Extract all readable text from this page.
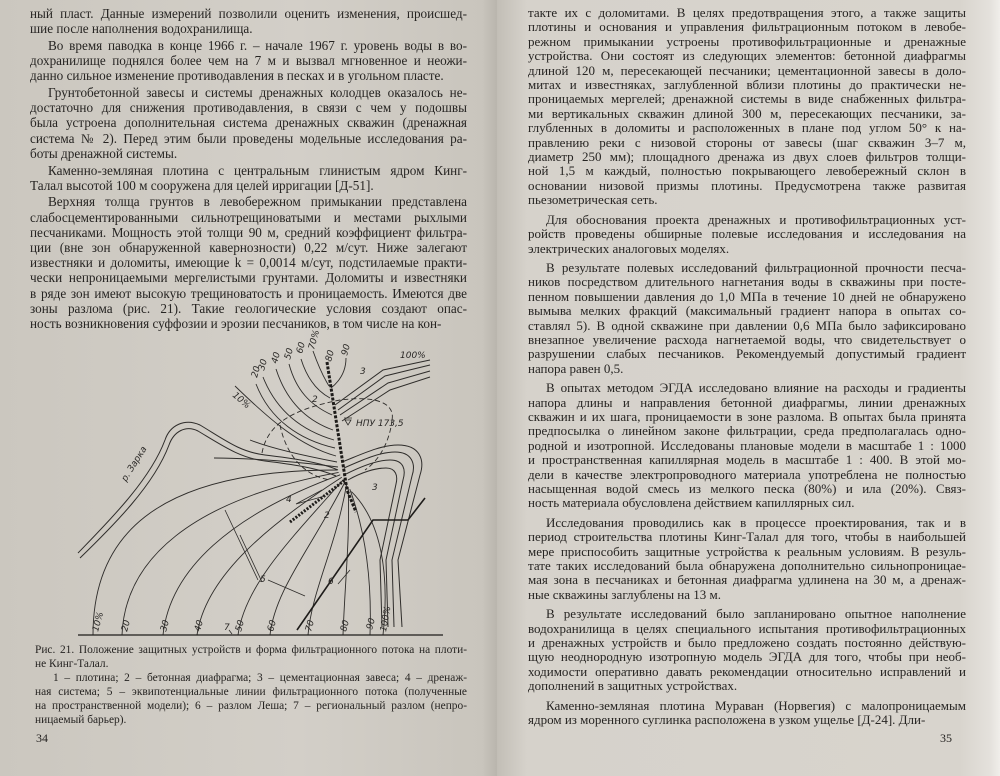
ный пласт. Данные измерений позволили оценить изменения, происшед-
шие после наполнения водохранилища.
Во время паводка в конце 1966 г. – начале 1967 г. уровень воды в во-
дохранилище поднялся более чем на 7 м и вызвал мгновенное и неожи-
данно сильное изменение противодавления в песках и в угольном пласте.
Грунтобетонной завесы и системы дренажных колодцев оказалось не-
достаточно для снижения противодавления, в связи с чем у подошвы
была устроена дополнительная система дренажных скважин (дренажная
система № 2). Перед этим были проведены модельные исследования ра-
боты дренажной системы.
Каменно-земляная плотина с центральным глинистым ядром Кинг-
Талал высотой 100 м сооружена для целей ирригации [Д-51].
Верхняя толща грунтов в левобережном примыкании представлена
слабосцементированными сильнотрещиноватыми и местами рыхлыми
песчаниками. Мощность этой толщи 90 м, средний коэффициент фильтра-
ции (вне зон обнаруженной кавернозности) 0,22 м/сут. Ниже залегают
известняки и доломиты, имеющие k = 0,0014 м/сут, подстилаемые практи-
чески непроницаемыми мергелистыми грунтами. Доломиты и известняки
в ряде зон имеют высокую трещиноватость и проницаемость. Имеются две
зоны разлома (рис. 21). Такие геологические условия создают опас-
ность возникновения суффозии и эрозии песчаников, в том числе на кон-
20
30
40 50 60 70%
80 90
10%
100%
10% 20	30 40	50 60	70 80 90 100%
р. Зарка
НПУ 173,5
2
2
3
3
4
5	6
7
Рис. 21. Положение защитных устройств и форма фильтрационного потока на плоти-
не Кинг-Талал.
1 – плотина; 2 – бетонная диафрагма; 3 – цементационная завеса; 4 – дренаж-
ная система; 5 – эквипотенциальные линии фильтрационного потока (полученные
на пространственной модели); 6 – разлом Леша; 7 – региональный разлом (непро-
ницаемый барьер).
34
такте их с доломитами. В целях предотвращения этого, а также защиты
плотины и основания и управления фильтрационным потоком в левобе-
режном примыкании устроены противофильтрационные и дренажные
устройства. Они состоят из следующих элементов: бетонной диафрагмы
длиной 120 м, пересекающей песчаники; цементационной завесы в доло-
митах и известняках, заглубленной вблизи плотины до практически не-
проницаемых мергелей; дренажной системы в виде снабженных фильтра-
ми вертикальных скважин длиной 300 м, пересекающих песчаники, за-
глубленных в доломиты и расположенных в плане под углом 50° к на-
правлению реки с низовой стороны от завесы (шаг скважин 3–7 м,
диаметр 250 мм); площадного дренажа из двух слоев фильтров толщи-
ной 1,5 м каждый, полностью покрывающего левобережный склон в
основании низовой призмы плотины. Предусмотрена также развитая
пьезометрическая сеть.
Для обоснования проекта дренажных и противофильтрационных уст-
ройств проведены обширные полевые исследования и исследования на
электрических аналоговых моделях.
В результате полевых исследований фильтрационной прочности песча-
ников посредством длительного нагнетания воды в скважины при посте-
пенном повышении давления до 1,0 МПа в течение 10 дней не обнаружено
вымыва мелких фракций (максимальный градиент напора в опытах со-
ставлял 5). В одной скважине при давлении 0,6 МПа было зафиксировано
внезапное увеличение расхода нагнетаемой воды, что свидетельствует о
разрушении слабых песчаников. Рекомендуемый допустимый градиент
напора равен 0,5.
В опытах методом ЭГДА исследовано влияние на расходы и градиенты
напора длины и направления бетонной диафрагмы, линии дренажных
скважин и их шага, проницаемости в зоне разлома. В опытах была принята
предпосылка о линейном законе фильтрации, среда предполагалась одно-
родной и изотропной. Исследованы плановые модели в масштабе 1 : 1000
и пространственная капиллярная модель в масштабе 1 : 400. В этой мо-
дели в качестве электропроводного материала употреблена не полностью
насыщенная водой смесь из мелкого песка (80%) и ила (20%). Связ-
ность материала обусловлена действием капиллярных сил.
Исследования проводились как в процессе проектирования, так и в
период строительства плотины Кинг-Талал для того, чтобы в наибольшей
мере приспособить защитные устройства к реальным условиям. В резуль-
тате таких исследований была обнаружена дополнительно сильнопроницае-
мая зона в песчаниках и бетонная диафрагма удлинена на 30 м, а дренаж-
ные скважины заглублены на 13 м.
В результате исследований было запланировано опытное наполнение
водохранилища в целях специального испытания противофильтрационных
и дренажных устройств и было предложено создать постоянно действую-
щую неоднородную изотропную модель ЭГДА для того, чтобы при необ-
ходимости оперативно давать рекомендации относительно исправлений и
дополнений в защитных устройствах.
Каменно-земляная плотина Мураван (Норвегия) с малопроницаемым
ядром из моренного суглинка расположена в узком ущелье [Д-24]. Дли-
35
